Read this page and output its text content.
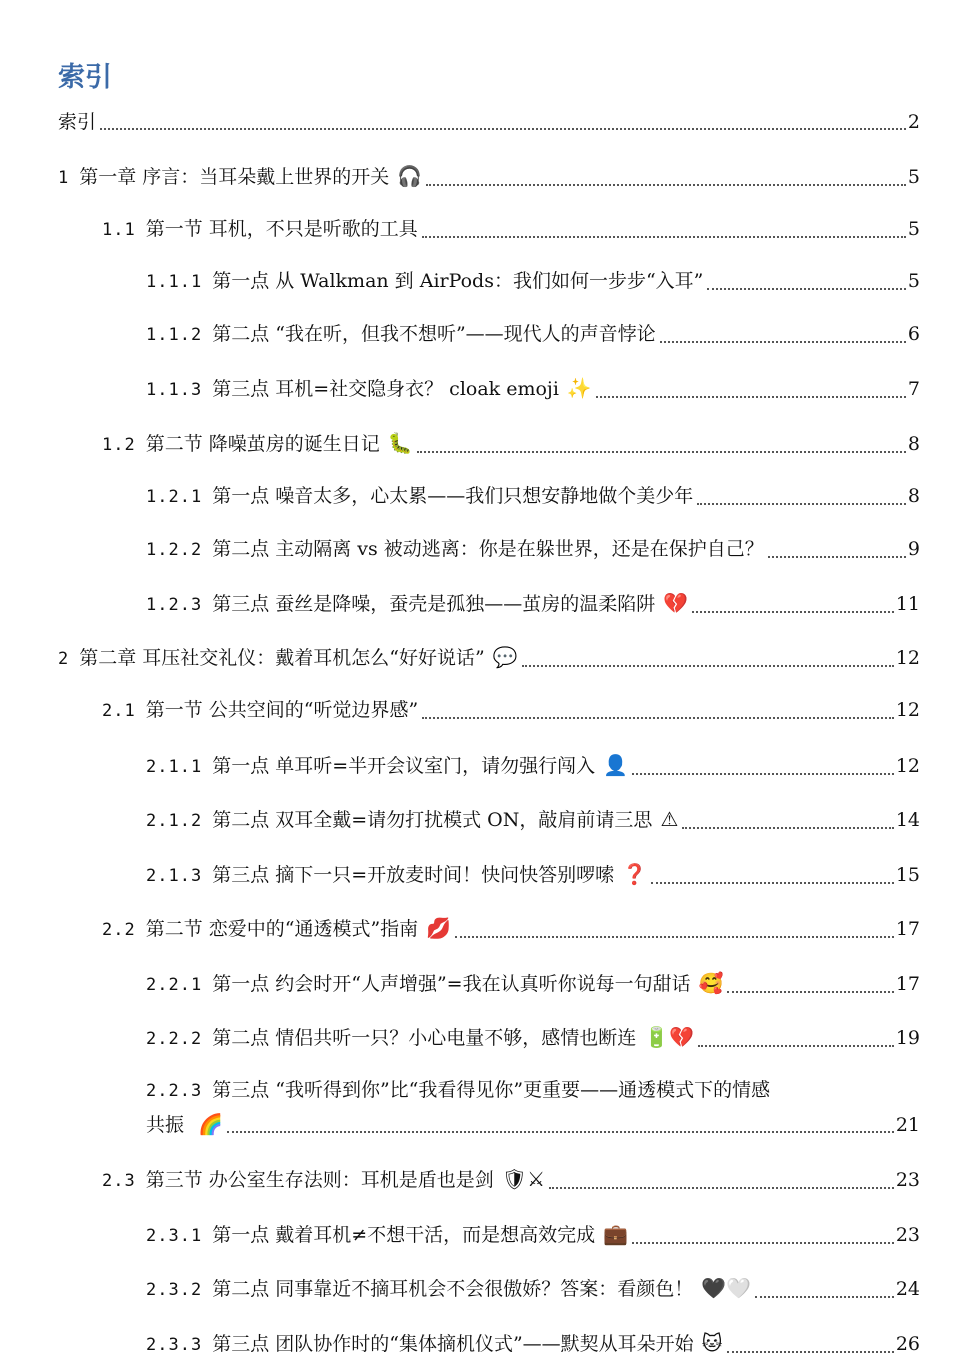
索引
索引	2
1 第一章 序言：当耳朵戴上世界的开关 🎧	5
1.1 第一节 耳机，不只是听歌的工具	5
1.1.1 第一点 从 Walkman 到 AirPods：我们如何一步步“入耳”	5
1.1.2 第二点 “我在听，但我不想听”——现代人的声音悖论	6
1.1.3 第三点 耳机=社交隐身衣？ cloak emoji ✨	7
1.2 第二节 降噪茧房的诞生日记 🐛	8
1.2.1 第一点 噪音太多，心太累——我们只想安静地做个美少年	8
1.2.2 第二点 主动隔离 vs 被动逃离：你是在躲世界，还是在保护自己？	9
1.2.3 第三点 蚕丝是降噪，蚕壳是孤独——茧房的温柔陷阱 💔	11
2 第二章 耳压社交礼仪：戴着耳机怎么“好好说话” 💬	12
2.1 第一节 公共空间的“听觉边界感”	12
2.1.1 第一点 单耳听=半开会议室门，请勿强行闯入 👤	12
2.1.2 第二点 双耳全戴=请勿打扰模式 ON，敲肩前请三思 ⚠	14
2.1.3 第三点 摘下一只=开放麦时间！快问快答别啰嗦 ❓	15
2.2 第二节 恋爱中的“通透模式”指南 💋	17
2.2.1 第一点 约会时开“人声增强”=我在认真听你说每一句甜话 🥰	17
2.2.2 第二点 情侣共听一只？小心电量不够，感情也断连 🔋💔	19
2.2.3 第三点 “我听得到你”比“我看得见你”更重要——通透模式下的情感
共振 🌈	21
2.3 第三节 办公室生存法则：耳机是盾也是剑 🛡⚔	23
2.3.1 第一点 戴着耳机≠不想干活，而是想高效完成 💼	23
2.3.2 第二点 同事靠近不摘耳机会不会很傲娇？答案：看颜色！ 🖤🤍	24
2.3.3 第三点 团队协作时的“集体摘机仪式”——默契从耳朵开始 🐱	26
